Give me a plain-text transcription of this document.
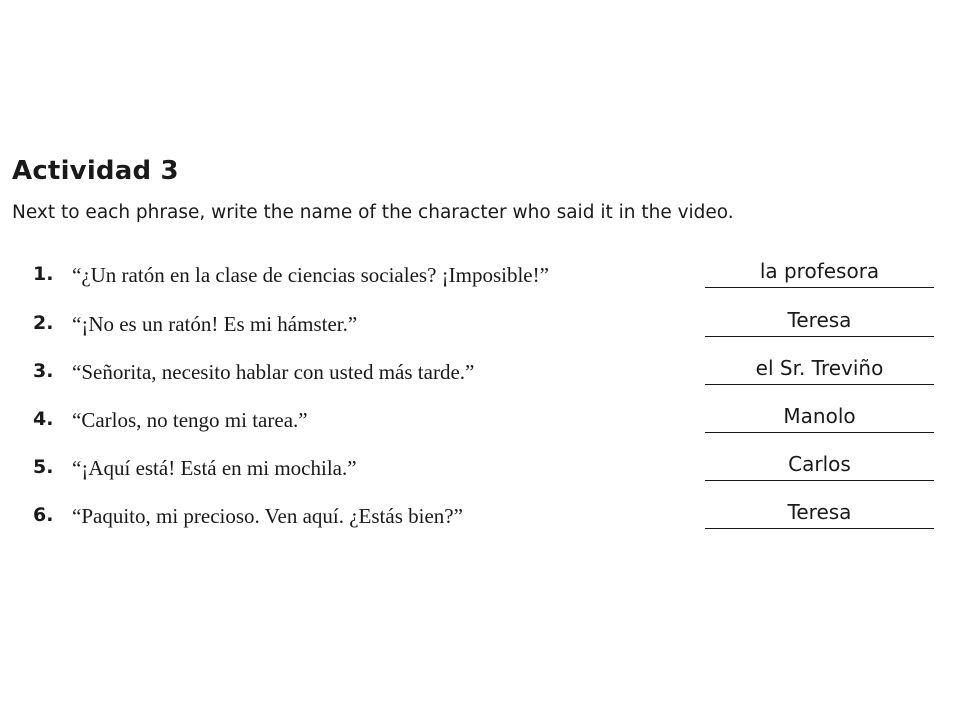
Actividad 3
Next to each phrase, write the name of the character who said it in the video.
1. “¿Un ratón en la clase de ciencias sociales? ¡Imposible!”	la profesora
2. “¡No es un ratón! Es mi hámster.”	Teresa
3. “Señorita, necesito hablar con usted más tarde.”	el Sr. Treviño
4. “Carlos, no tengo mi tarea.”	Manolo
5. “¡Aquí está! Está en mi mochila.”	Carlos
6. “Paquito, mi precioso. Ven aquí. ¿Estás bien?”	Teresa
